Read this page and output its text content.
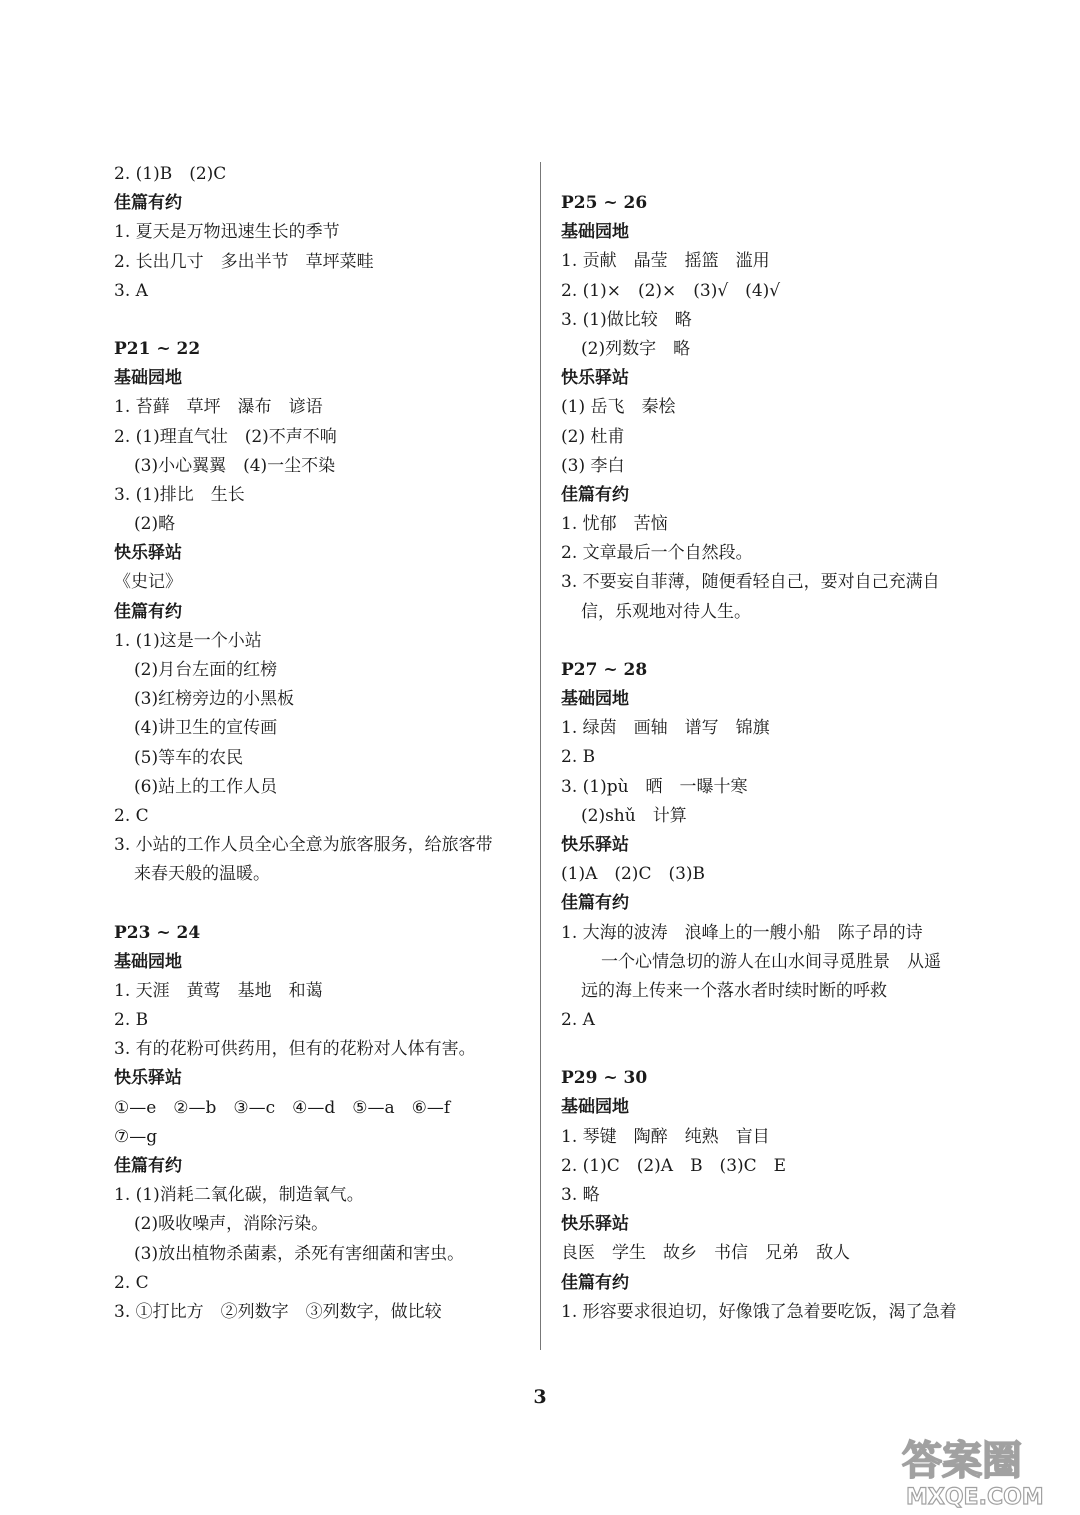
2. (1)B　(2)C
佳篇有约
1. 夏天是万物迅速生长的季节
2. 长出几寸　多出半节　草坪菜畦
3. A
P21 ~ 22
基础园地
1. 苔藓　草坪　瀑布　谚语
2. (1)理直气壮　(2)不声不响
(3)小心翼翼　(4)一尘不染
3. (1)排比　生长
(2)略
快乐驿站
《史记》
佳篇有约
1. (1)这是一个小站
(2)月台左面的红榜
(3)红榜旁边的小黑板
(4)讲卫生的宣传画
(5)等车的农民
(6)站上的工作人员
2. C
3. 小站的工作人员全心全意为旅客服务，给旅客带
来春天般的温暖。
P23 ~ 24
基础园地
1. 天涯　黄莺　基地　和蔼
2. B
3. 有的花粉可供药用，但有的花粉对人体有害。
快乐驿站
①—e　②—b　③—c　④—d　⑤—a　⑥—f
⑦—g
佳篇有约
1. (1)消耗二氧化碳，制造氧气。
(2)吸收噪声，消除污染。
(3)放出植物杀菌素，杀死有害细菌和害虫。
2. C
3. ①打比方　②列数字　③列数字，做比较
P25 ~ 26
基础园地
1. 贡献　晶莹　摇篮　滥用
2. (1)×　(2)×　(3)√　(4)√
3. (1)做比较　略
(2)列数字　略
快乐驿站
(1) 岳飞　秦桧
(2) 杜甫
(3) 李白
佳篇有约
1. 忧郁　苦恼
2. 文章最后一个自然段。
3. 不要妄自菲薄，随便看轻自己，要对自己充满自
信，乐观地对待人生。
P27 ~ 28
基础园地
1. 绿茵　画轴　谱写　锦旗
2. B
3. (1)pù　晒　一曝十寒
(2)shǔ　计算
快乐驿站
(1)A　(2)C　(3)B
佳篇有约
1. 大海的波涛　浪峰上的一艘小船　陈子昂的诗
一个心情急切的游人在山水间寻觅胜景　从遥
远的海上传来一个落水者时续时断的呼救
2. A
P29 ~ 30
基础园地
1. 琴键　陶醉　纯熟　盲目
2. (1)C　(2)A　B　(3)C　E
3. 略
快乐驿站
良医　学生　故乡　书信　兄弟　敌人
佳篇有约
1. 形容要求很迫切，好像饿了急着要吃饭，渴了急着
3
答案圈
MXQE.COM
